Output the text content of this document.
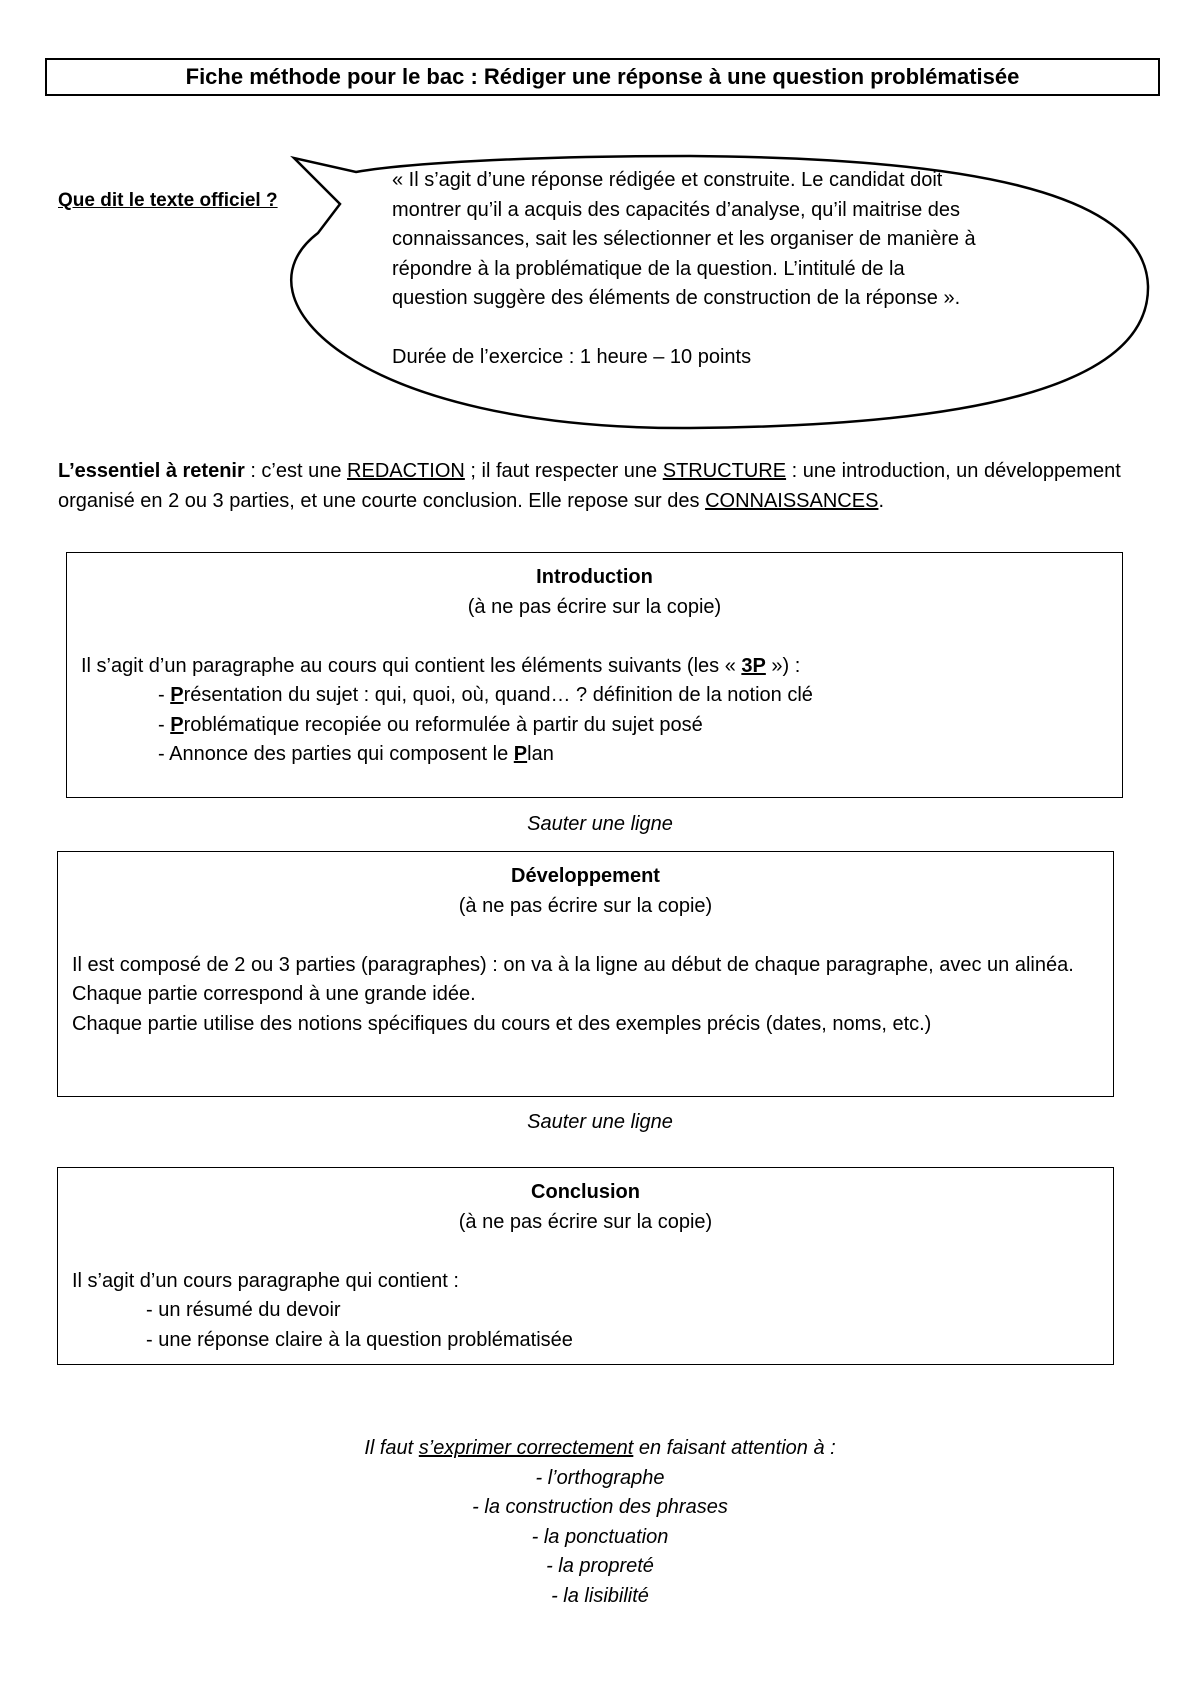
Fiche méthode pour le bac : Rédiger une réponse à une question problématisée
Que dit le texte officiel ?

« Il s’agit d’une réponse rédigée et construite. Le candidat doit

montrer qu’il a acquis des capacités d’analyse, qu’il maitrise des

connaissances, sait les sélectionner et les organiser de manière à

répondre à la problématique de la question. L’intitulé de la

question suggère des éléments de construction de la réponse ».

Durée de l’exercice : 1 heure – 10 points

L’essentiel à retenir : c’est une REDACTION ; il faut respecter une STRUCTURE : une introduction, un développement organisé en 2 ou 3 parties, et une courte conclusion. Elle repose sur des CONNAISSANCES.

Introduction

(à ne pas écrire sur la copie)

Il s’agit d’un paragraphe au cours qui contient les éléments suivants (les « 3P ») :

- Présentation du sujet : qui, quoi, où, quand… ? définition de la notion clé

- Problématique recopiée ou reformulée à partir du sujet posé

- Annonce des parties qui composent le Plan

Sauter une ligne

Développement

(à ne pas écrire sur la copie)

Il est composé de 2 ou 3 parties (paragraphes) : on va à la ligne au début de chaque paragraphe, avec un alinéa.

Chaque partie correspond à une grande idée.

Chaque partie utilise des notions spécifiques du cours et des exemples précis (dates, noms, etc.)

Sauter une ligne

Conclusion

(à ne pas écrire sur la copie)

Il s’agit d’un cours paragraphe qui contient :

- un résumé du devoir

- une réponse claire à la question problématisée

Il faut s’exprimer correctement en faisant attention à :

- l’orthographe

- la construction des phrases

- la ponctuation

- la propreté

- la lisibilité
